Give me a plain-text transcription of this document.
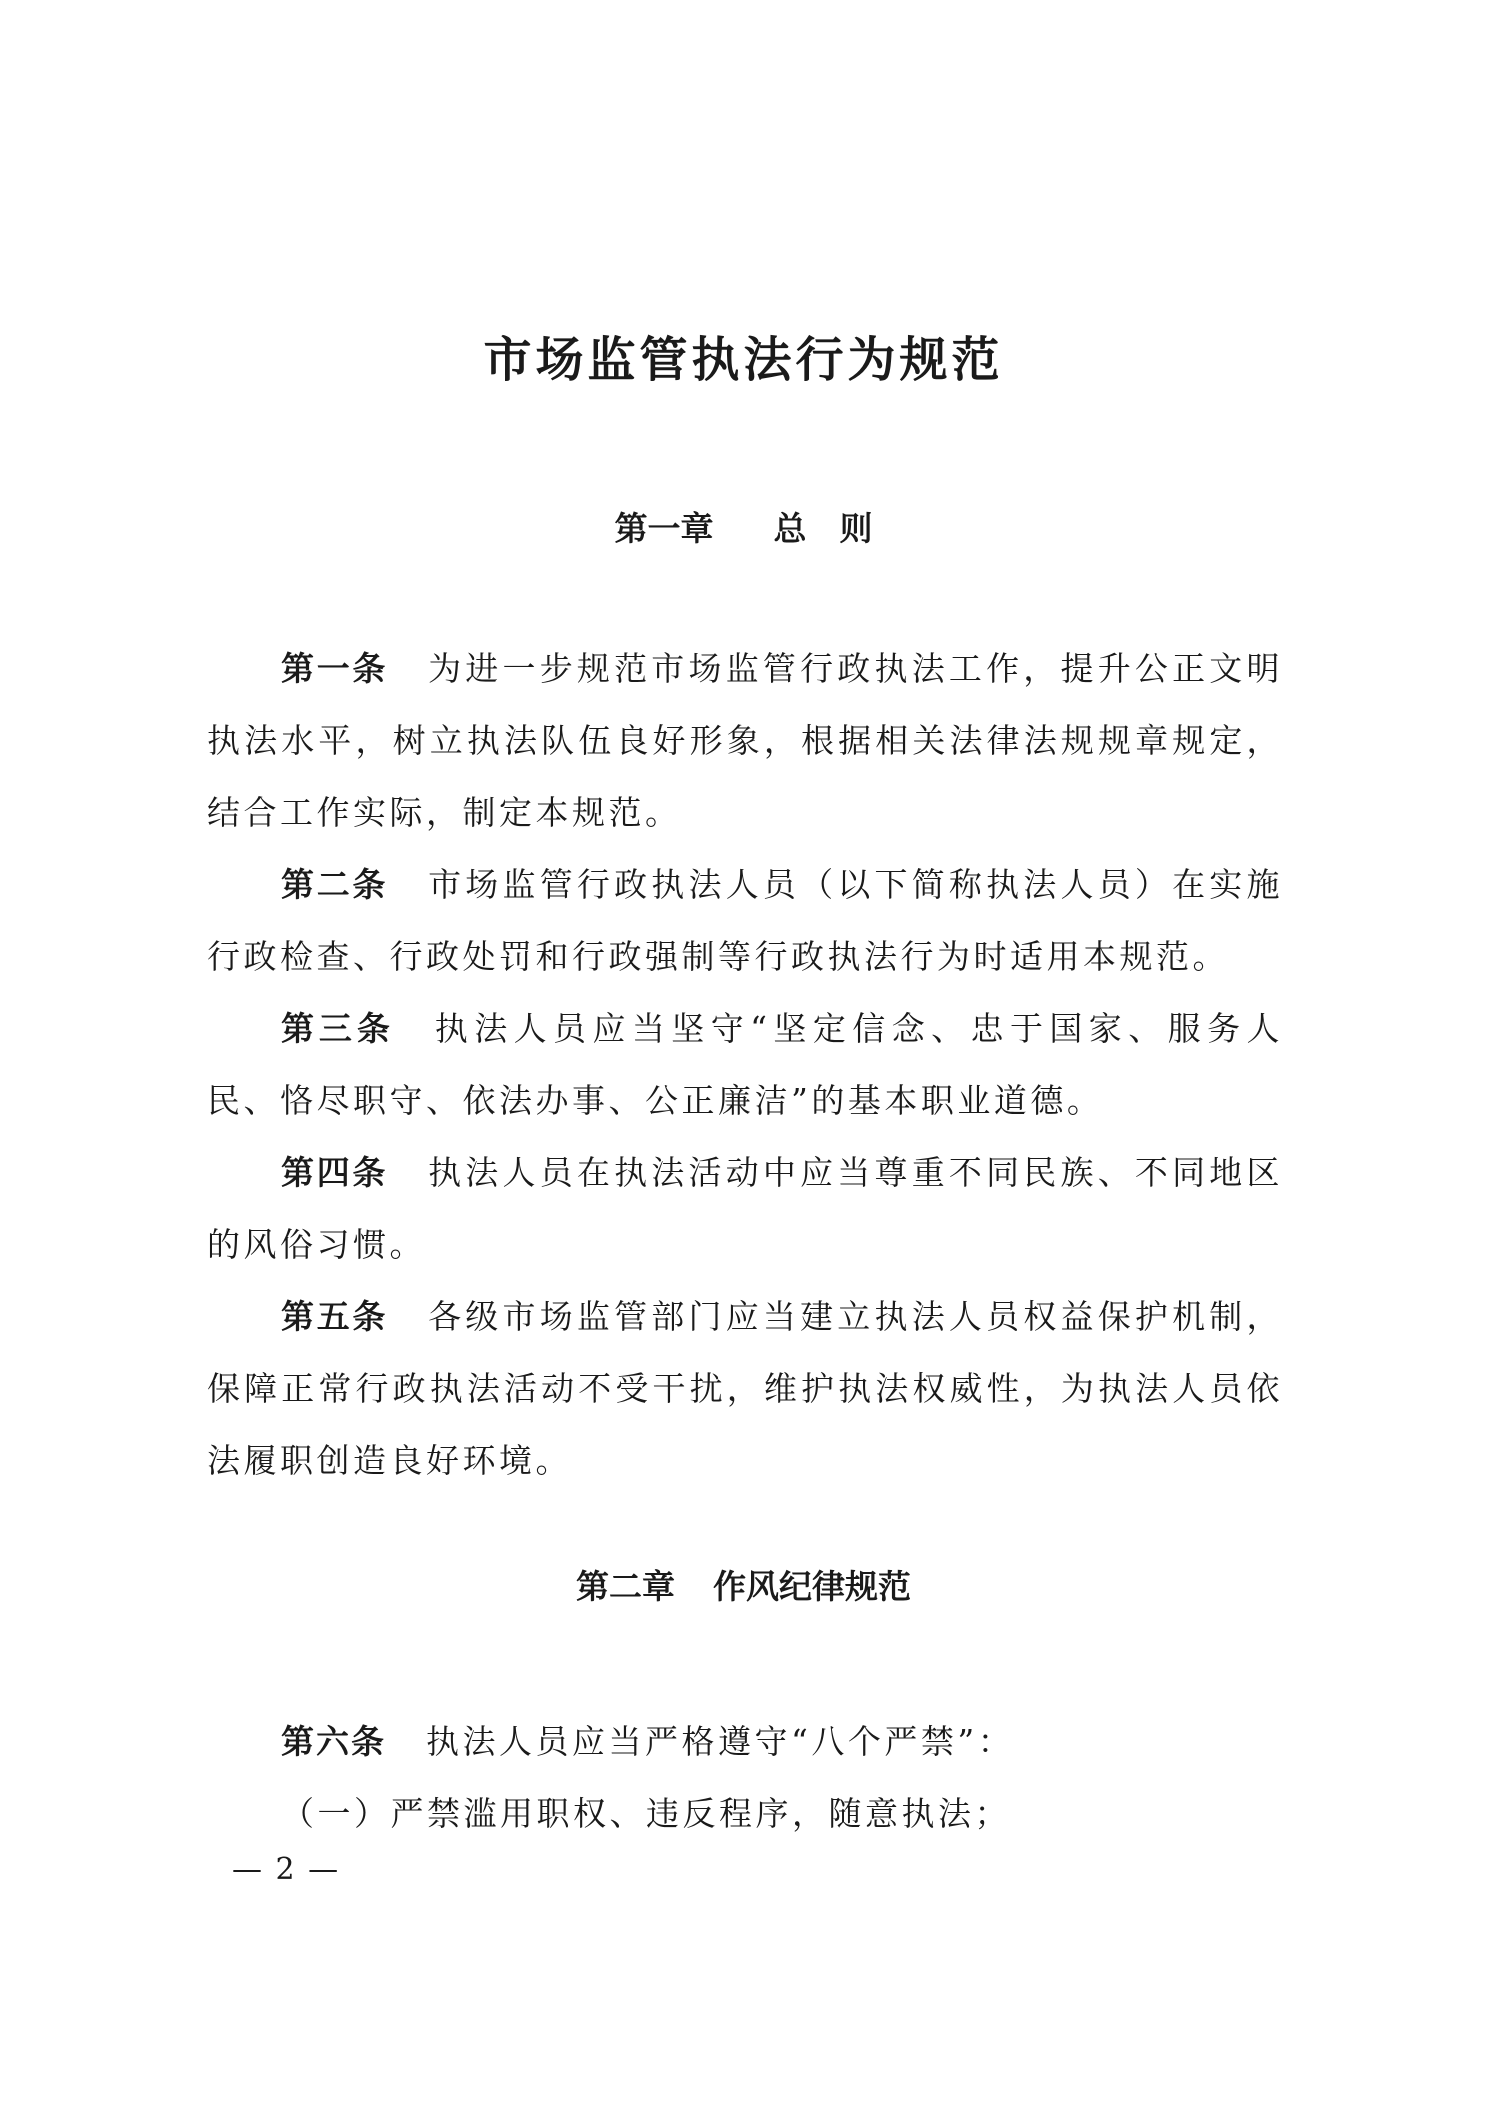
市场监管执法行为规范
第一章 总　则

第一条 为进一步规范市场监管行政执法工作，提升公正文明执法水平，树立执法队伍良好形象，根据相关法律法规规章规定，结合工作实际，制定本规范。

第二条 市场监管行政执法人员（以下简称执法人员）在实施行政检查、行政处罚和行政强制等行政执法行为时适用本规范。

第三条 执法人员应当坚守“坚定信念、忠于国家、服务人民、恪尽职守、依法办事、公正廉洁”的基本职业道德。

第四条 执法人员在执法活动中应当尊重不同民族、不同地区的风俗习惯。

第五条 各级市场监管部门应当建立执法人员权益保护机制，保障正常行政执法活动不受干扰，维护执法权威性，为执法人员依法履职创造良好环境。

第二章 作风纪律规范

第六条 执法人员应当严格遵守“八个严禁”：

（一）严禁滥用职权、违反程序，随意执法；

— 2 —
